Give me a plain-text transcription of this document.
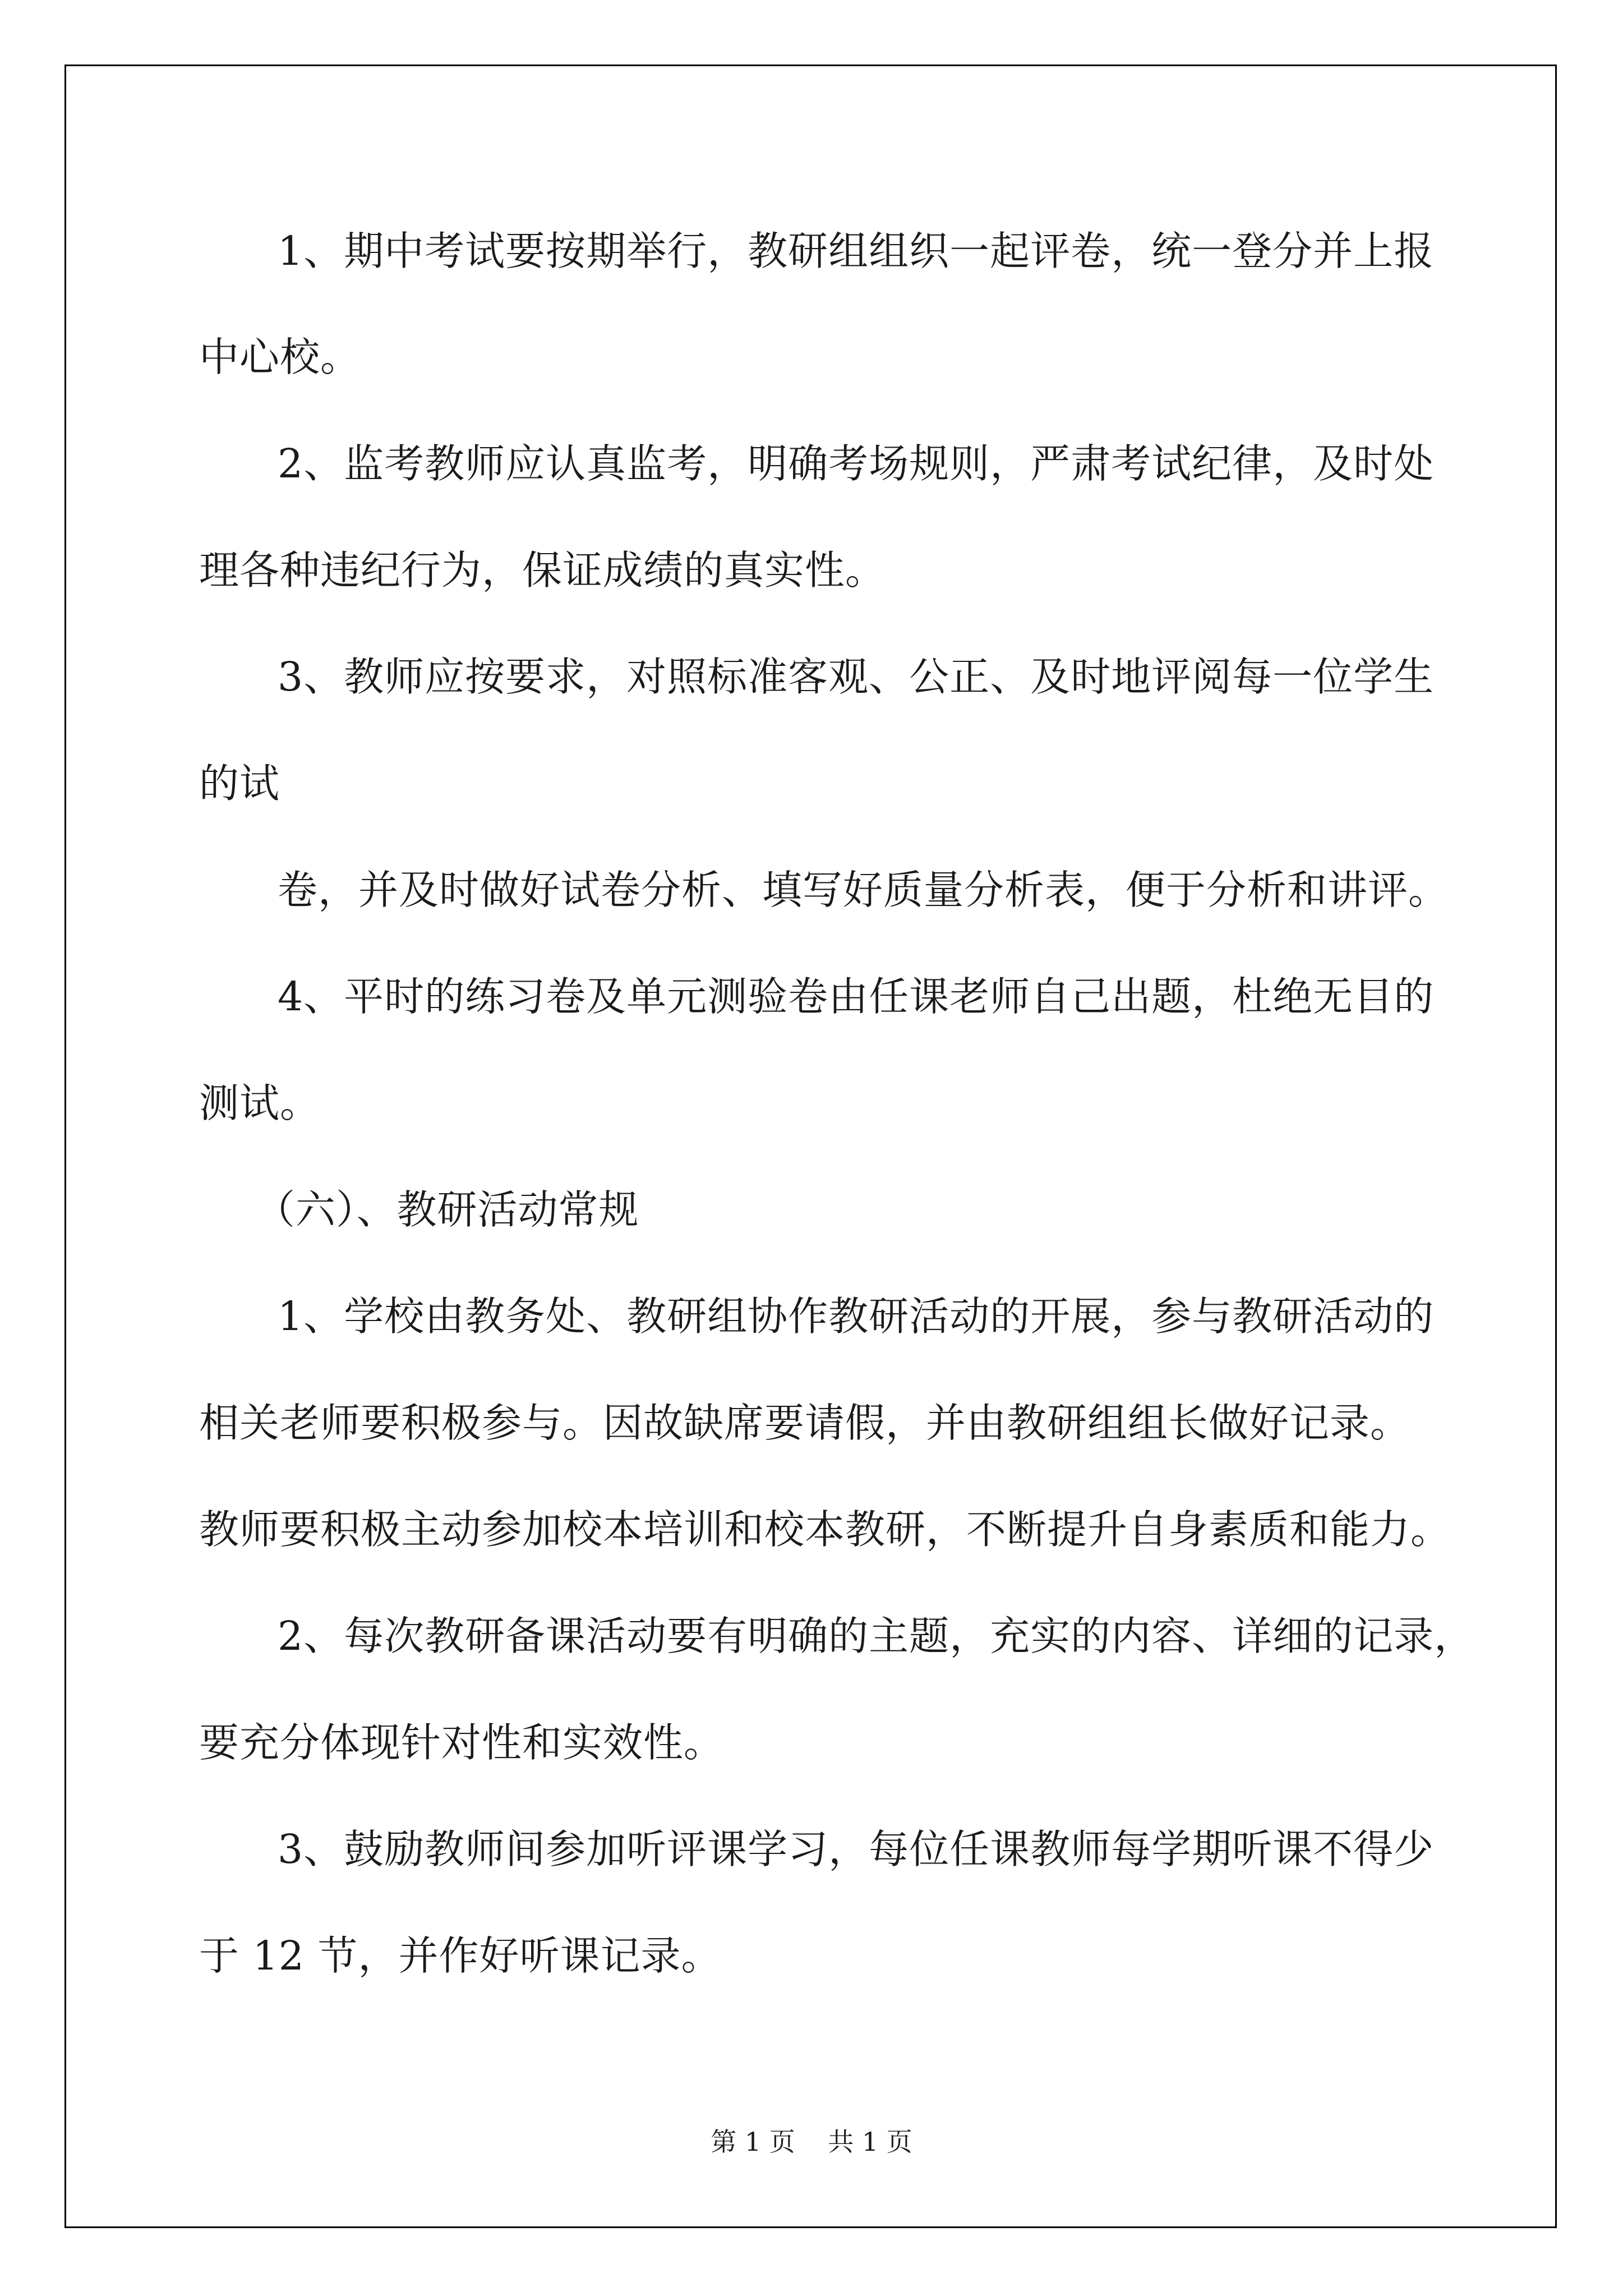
1、期中考试要按期举行，教研组组织一起评卷，统一登分并上报
中心校。
2、监考教师应认真监考，明确考场规则，严肃考试纪律，及时处
理各种违纪行为，保证成绩的真实性。
3、教师应按要求，对照标准客观、公正、及时地评阅每一位学生
的试
卷，并及时做好试卷分析、填写好质量分析表，便于分析和讲评。
4、平时的练习卷及单元测验卷由任课老师自己出题，杜绝无目的
测试。
（六）、教研活动常规
1、学校由教务处、教研组协作教研活动的开展，参与教研活动的
相关老师要积极参与。因故缺席要请假，并由教研组组长做好记录。
教师要积极主动参加校本培训和校本教研，不断提升自身素质和能力。
2、每次教研备课活动要有明确的主题，充实的内容、详细的记录，
要充分体现针对性和实效性。
3、鼓励教师间参加听评课学习，每位任课教师每学期听课不得少
于 12 节，并作好听课记录。
第 1 页    共 1 页
